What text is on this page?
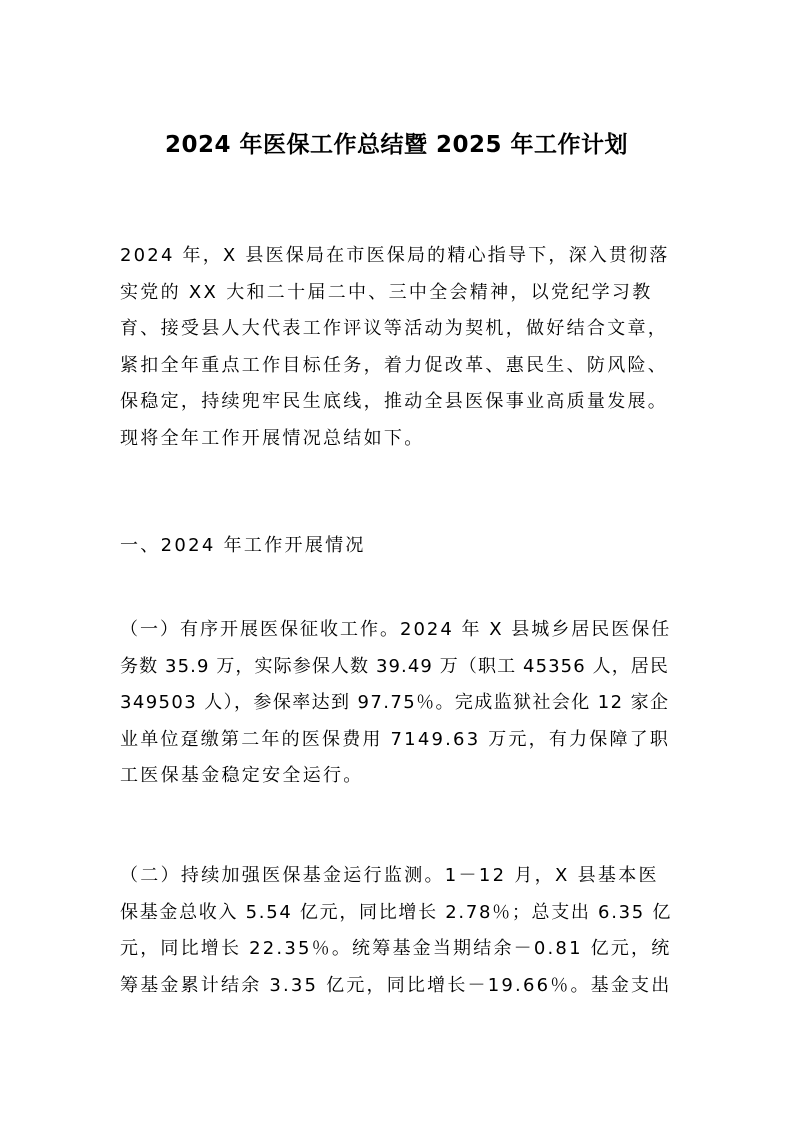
2024 年医保工作总结暨 2025 年工作计划
2024 年，X 县医保局在市医保局的精心指导下，深入贯彻落
实党的 XX 大和二十届二中、三中全会精神，以党纪学习教
育、接受县人大代表工作评议等活动为契机，做好结合文章，
紧扣全年重点工作目标任务，着力促改革、惠民生、防风险、
保稳定，持续兜牢民生底线，推动全县医保事业高质量发展。
现将全年工作开展情况总结如下。
一、2024 年工作开展情况
（一）有序开展医保征收工作。2024 年 X 县城乡居民医保任
务数 35.9 万，实际参保人数 39.49 万（职工 45356 人，居民
349503 人），参保率达到 97.75％。完成监狱社会化 12 家企
业单位趸缴第二年的医保费用 7149.63 万元，有力保障了职
工医保基金稳定安全运行。
（二）持续加强医保基金运行监测。1－12 月，X 县基本医
保基金总收入 5.54 亿元，同比增长 2.78％；总支出 6.35 亿
元，同比增长 22.35％。统筹基金当期结余－0.81 亿元，统
筹基金累计结余 3.35 亿元，同比增长－19.66％。基金支出
